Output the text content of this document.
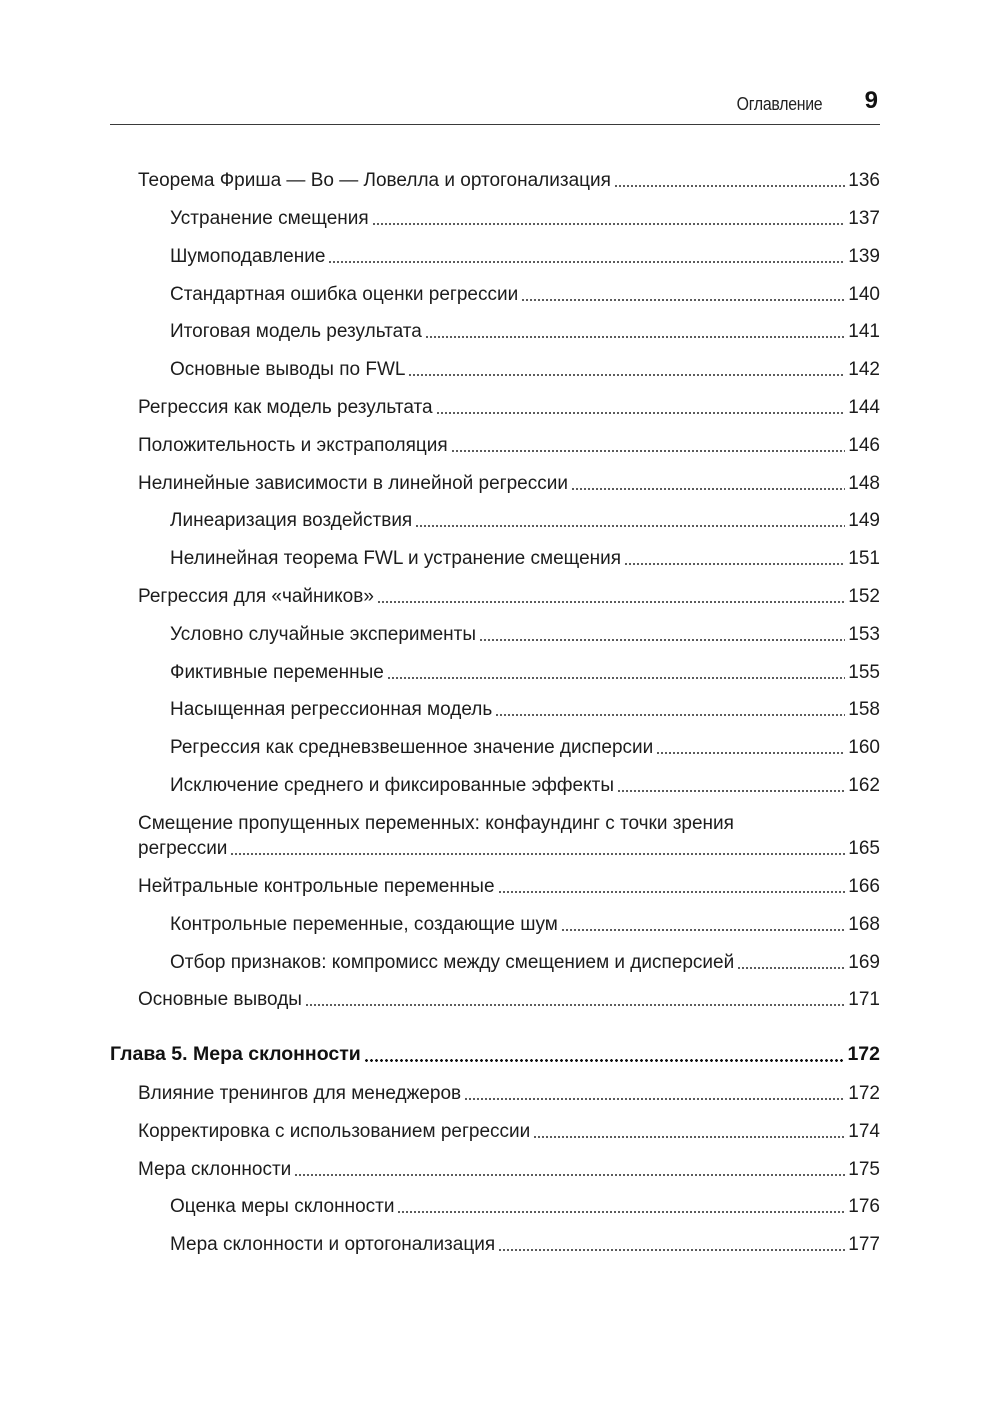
Оглавление 9
Теорема Фриша — Во — Ловелла и ортогонализация	136
Устранение смещения	137
Шумоподавление	139
Стандартная ошибка оценки регрессии	140
Итоговая модель результата	141
Основные выводы по FWL	142
Регрессия как модель результата	144
Положительность и экстраполяция	146
Нелинейные зависимости в линейной регрессии	148
Линеаризация воздействия	149
Нелинейная теорема FWL и устранение смещения	151
Регрессия для «чайников»	152
Условно случайные эксперименты	153
Фиктивные переменные	155
Насыщенная регрессионная модель	158
Регрессия как средневзвешенное значение дисперсии	160
Исключение среднего и фиксированные эффекты	162
Смещение пропущенных переменных: конфаундинг с точки зрения
регрессии	165
Нейтральные контрольные переменные	166
Контрольные переменные, создающие шум	168
Отбор признаков: компромисс между смещением и дисперсией	169
Основные выводы	171
Глава 5. Мера склонности	172
Влияние тренингов для менеджеров	172
Корректировка с использованием регрессии	174
Мера склонности	175
Оценка меры склонности	176
Мера склонности и ортогонализация	177
